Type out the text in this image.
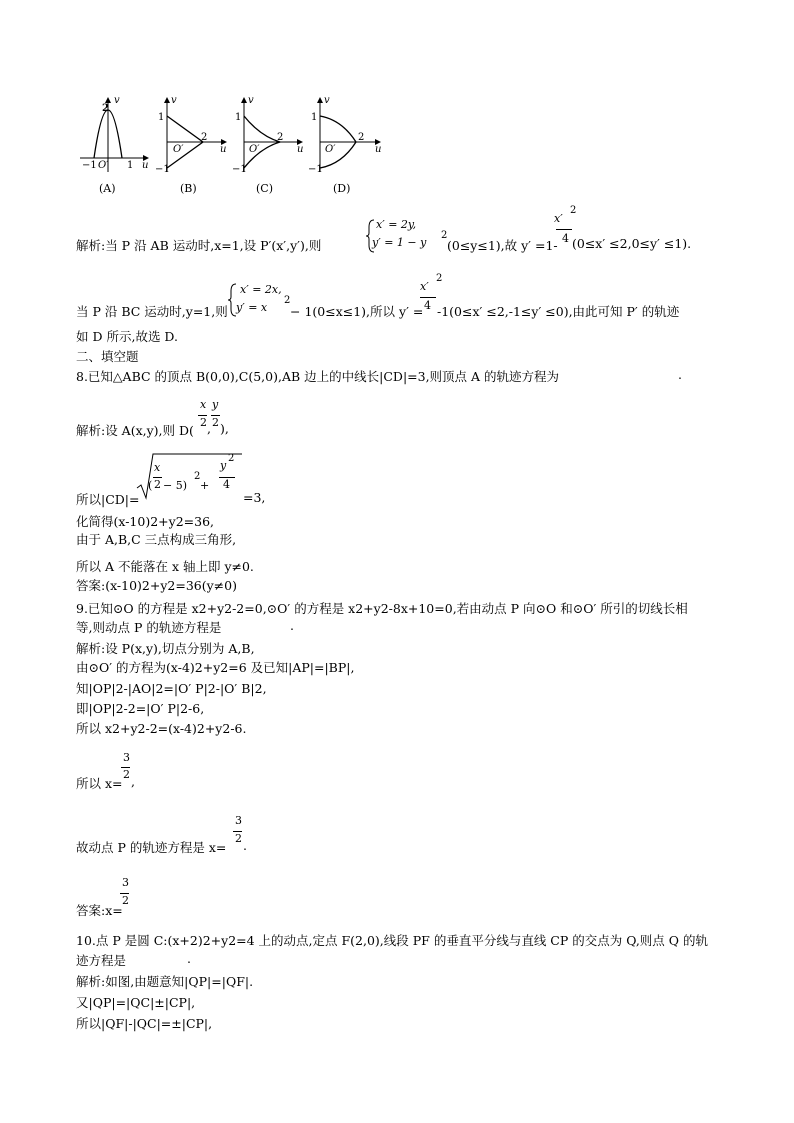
v
2
−1 O′ 1 u
(A)
v
1
O′
2
−1
u
(B)
v
1
O′
2
−1
u
(C)
v
1
O′
2
−1
u
(D)
解析:当 P 沿 AB 运动时,x=1,设 P′(x′,y′),则
x′ = 2y,
y′ = 1 − y
2
(0≤y≤1),故 y′ =1-
x′
2
4 (0≤x′ ≤2,0≤y′ ≤1).
当 P 沿 BC 运动时,y=1,则
x′ = 2x,
y′ = x
2
− 1(0≤x≤1),所以 y′ =
x′
2
4 -1(0≤x′ ≤2,-1≤y′ ≤0),由此可知 P′ 的轨迹
如 D 所示,故选 D.
二、填空题
8.已知△ABC 的顶点 B(0,0),C(5,0),AB 边上的中线长|CD|=3,则顶点 A 的轨迹方程为	.
解析:设 A(x,y),则 D(
x
2 ,
y
2 ),
所以|CD|=
(
x
2 − 5)
2
+
y
2
4
=3,
化简得(x-10)2+y2=36,
由于 A,B,C 三点构成三角形,
所以 A 不能落在 x 轴上即 y≠0.
答案:(x-10)2+y2=36(y≠0)
9.已知⊙O 的方程是 x2+y2-2=0,⊙O′ 的方程是 x2+y2-8x+10=0,若由动点 P 向⊙O 和⊙O′ 所引的切线长相
等,则动点 P 的轨迹方程是	.
解析:设 P(x,y),切点分别为 A,B,
由⊙O′ 的方程为(x-4)2+y2=6 及已知|AP|=|BP|,
知|OP|2-|AO|2=|O′ P|2-|O′ B|2,
即|OP|2-2=|O′ P|2-6,
所以 x2+y2-2=(x-4)2+y2-6.
所以 x=
3
2 ,
故动点 P 的轨迹方程是 x=
3
2 .
答案:x=
3
2
10.点 P 是圆 C:(x+2)2+y2=4 上的动点,定点 F(2,0),线段 PF 的垂直平分线与直线 CP 的交点为 Q,则点 Q 的轨
迹方程是	.
解析:如图,由题意知|QP|=|QF|.
又|QP|=|QC|±|CP|,
所以|QF|-|QC|=±|CP|,
